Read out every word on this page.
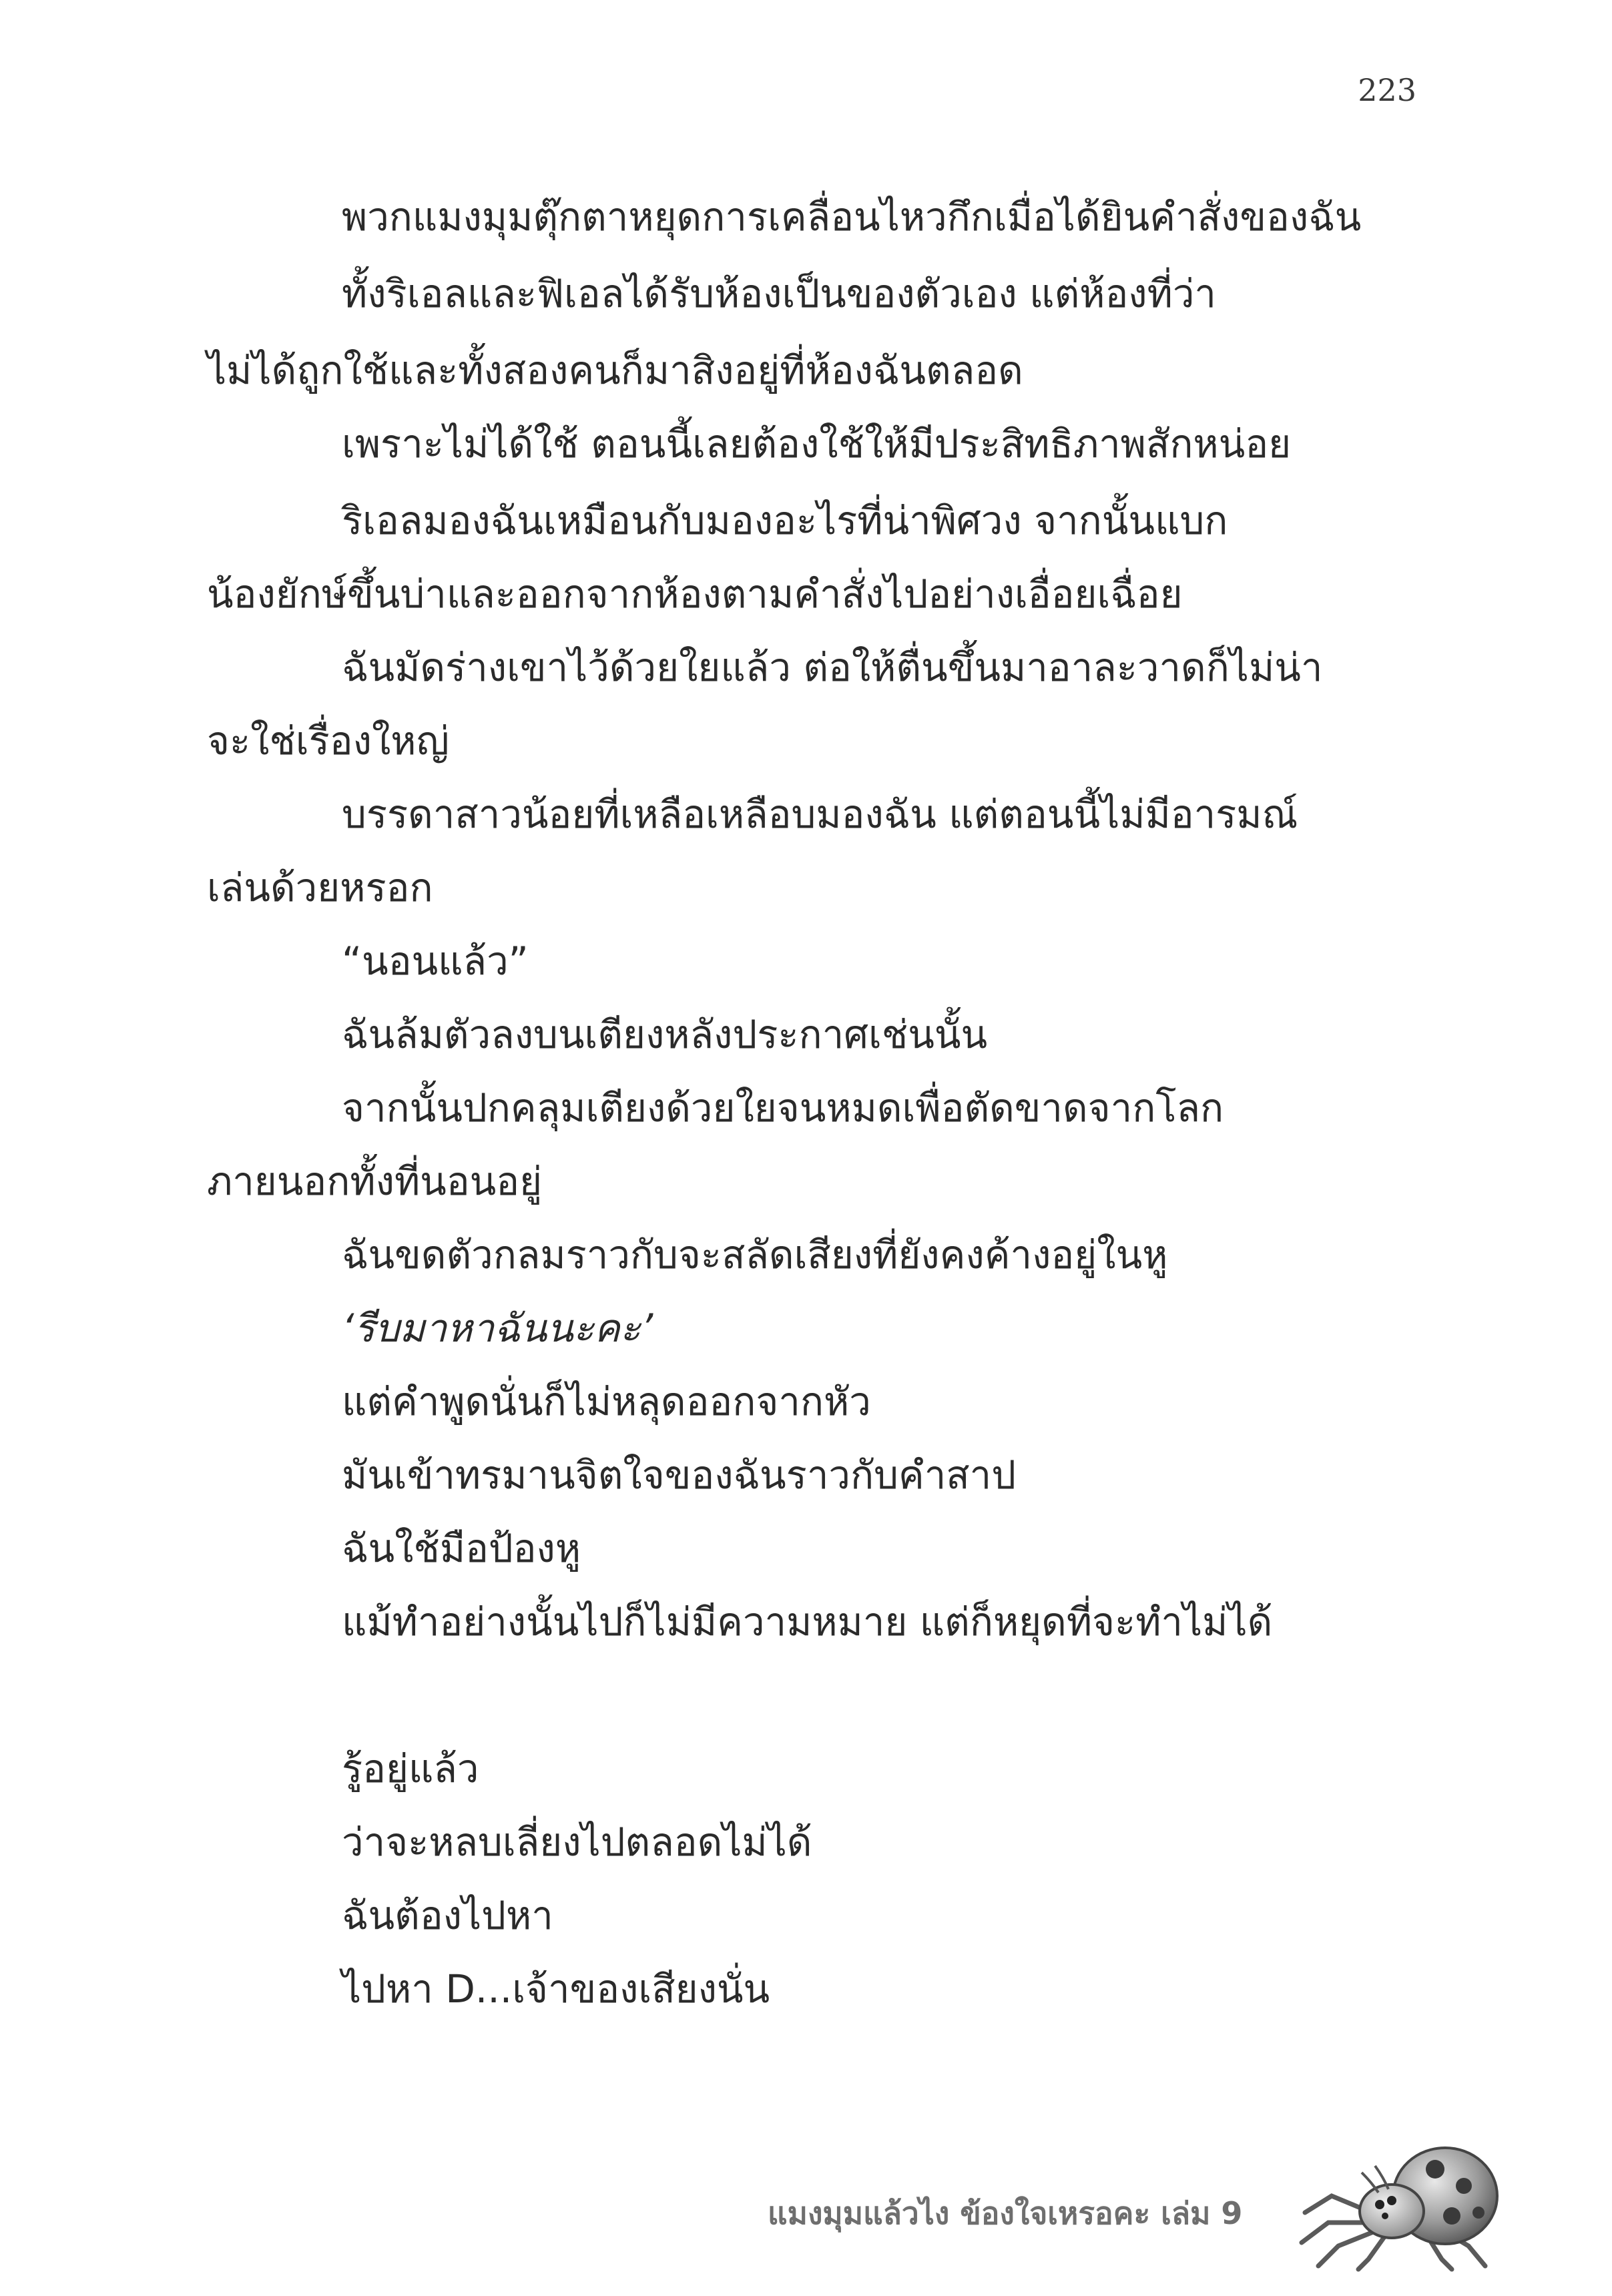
223
พวกแมงมุมตุ๊กตาหยุดการเคลื่อนไหวกึกเมื่อได้ยินคำสั่งของฉัน
ทั้งริเอลและฟิเอลได้รับห้องเป็นของตัวเอง แต่ห้องที่ว่า
ไม่ได้ถูกใช้และทั้งสองคนก็มาสิงอยู่ที่ห้องฉันตลอด
เพราะไม่ได้ใช้ ตอนนี้เลยต้องใช้ให้มีประสิทธิภาพสักหน่อย
ริเอลมองฉันเหมือนกับมองอะไรที่น่าพิศวง จากนั้นแบก
น้องยักษ์ขึ้นบ่าและออกจากห้องตามคำสั่งไปอย่างเอื่อยเฉื่อย
ฉันมัดร่างเขาไว้ด้วยใยแล้ว ต่อให้ตื่นขึ้นมาอาละวาดก็ไม่น่า
จะใช่เรื่องใหญ่
บรรดาสาวน้อยที่เหลือเหลือบมองฉัน แต่ตอนนี้ไม่มีอารมณ์
เล่นด้วยหรอก
“นอนแล้ว”
ฉันล้มตัวลงบนเตียงหลังประกาศเช่นนั้น
จากนั้นปกคลุมเตียงด้วยใยจนหมดเพื่อตัดขาดจากโลก
ภายนอกทั้งที่นอนอยู่
ฉันขดตัวกลมราวกับจะสลัดเสียงที่ยังคงค้างอยู่ในหู
‘รีบมาหาฉันนะคะ’
แต่คำพูดนั่นก็ไม่หลุดออกจากหัว
มันเข้าทรมานจิตใจของฉันราวกับคำสาป
ฉันใช้มือป้องหู
แม้ทำอย่างนั้นไปก็ไม่มีความหมาย แต่ก็หยุดที่จะทำไม่ได้
รู้อยู่แล้ว
ว่าจะหลบเลี่ยงไปตลอดไม่ได้
ฉันต้องไปหา
ไปหา D...เจ้าของเสียงนั่น
แมงมุมแล้วไง ข้องใจเหรอคะ เล่ม 9
